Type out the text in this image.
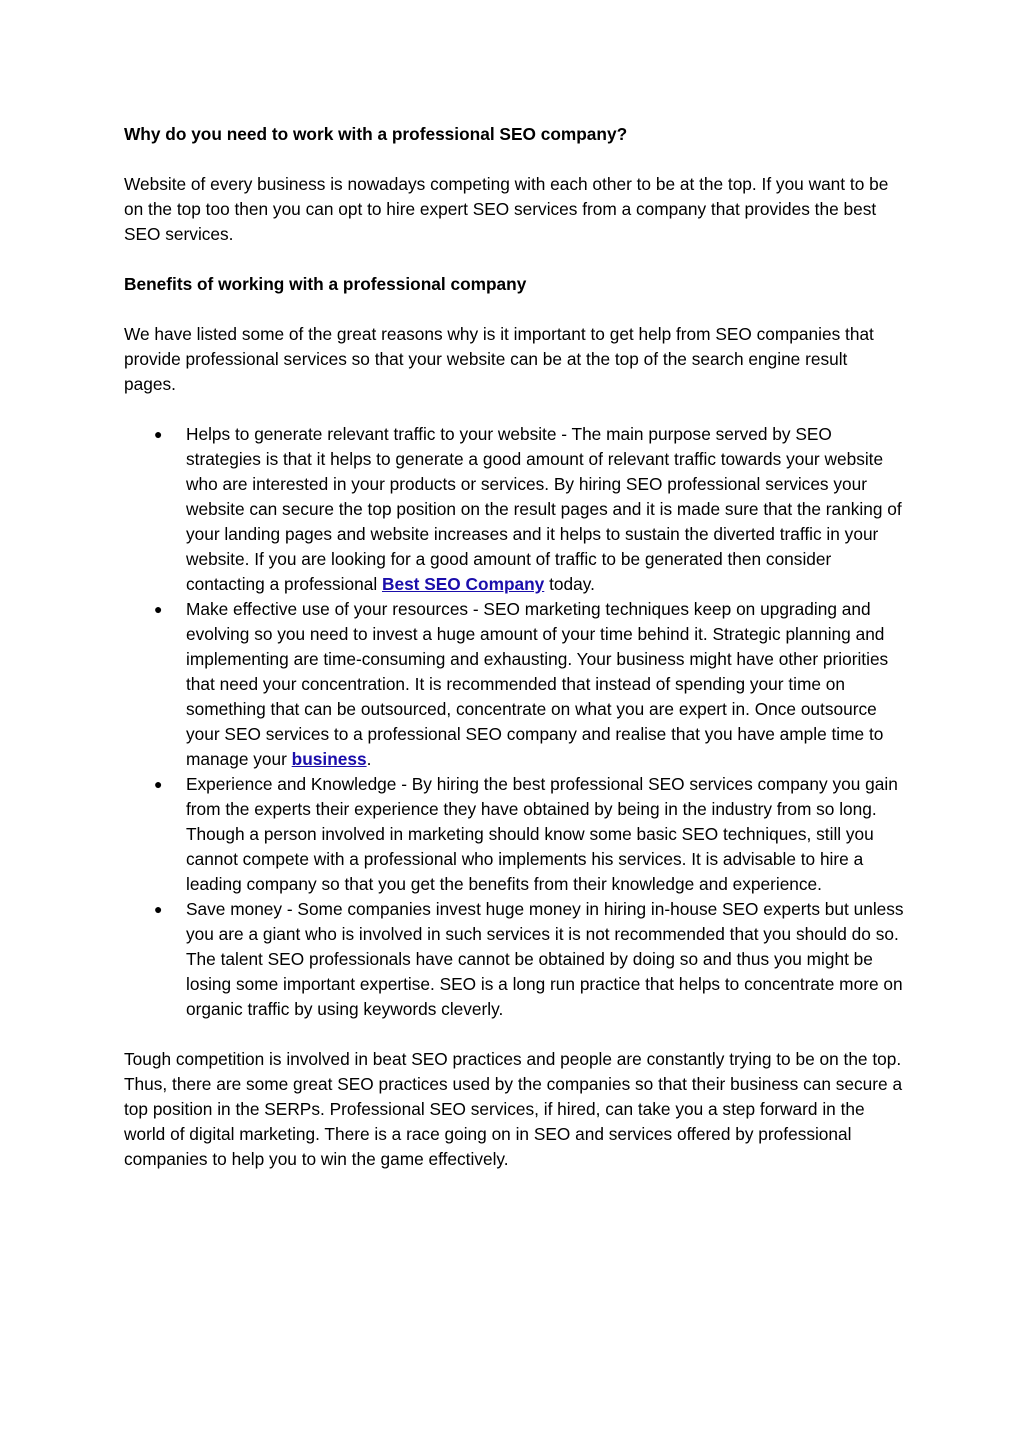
Why do you need to work with a professional SEO company?

Website of every business is nowadays competing with each other to be at the top. If you want to be on the top too then you can opt to hire expert SEO services from a company that provides the best SEO services.

Benefits of working with a professional company

We have listed some of the great reasons why is it important to get help from SEO companies that provide professional services so that your website can be at the top of the search engine result pages.

● Helps to generate relevant traffic to your website - The main purpose served by SEO strategies is that it helps to generate a good amount of relevant traffic towards your website who are interested in your products or services. By hiring SEO professional services your website can secure the top position on the result pages and it is made sure that the ranking of your landing pages and website increases and it helps to sustain the diverted traffic in your website. If you are looking for a good amount of traffic to be generated then consider contacting a professional Best SEO Company today.
● Make effective use of your resources - SEO marketing techniques keep on upgrading and evolving so you need to invest a huge amount of your time behind it. Strategic planning and implementing are time-consuming and exhausting. Your business might have other priorities that need your concentration. It is recommended that instead of spending your time on something that can be outsourced, concentrate on what you are expert in. Once outsource your SEO services to a professional SEO company and realise that you have ample time to manage your business.
● Experience and Knowledge - By hiring the best professional SEO services company you gain from the experts their experience they have obtained by being in the industry from so long. Though a person involved in marketing should know some basic SEO techniques, still you cannot compete with a professional who implements his services. It is advisable to hire a leading company so that you get the benefits from their knowledge and experience.
● Save money - Some companies invest huge money in hiring in-house SEO experts but unless you are a giant who is involved in such services it is not recommended that you should do so. The talent SEO professionals have cannot be obtained by doing so and thus you might be losing some important expertise. SEO is a long run practice that helps to concentrate more on organic traffic by using keywords cleverly.

Tough competition is involved in beat SEO practices and people are constantly trying to be on the top. Thus, there are some great SEO practices used by the companies so that their business can secure a top position in the SERPs. Professional SEO services, if hired, can take you a step forward in the world of digital marketing. There is a race going on in SEO and services offered by professional companies to help you to win the game effectively.
